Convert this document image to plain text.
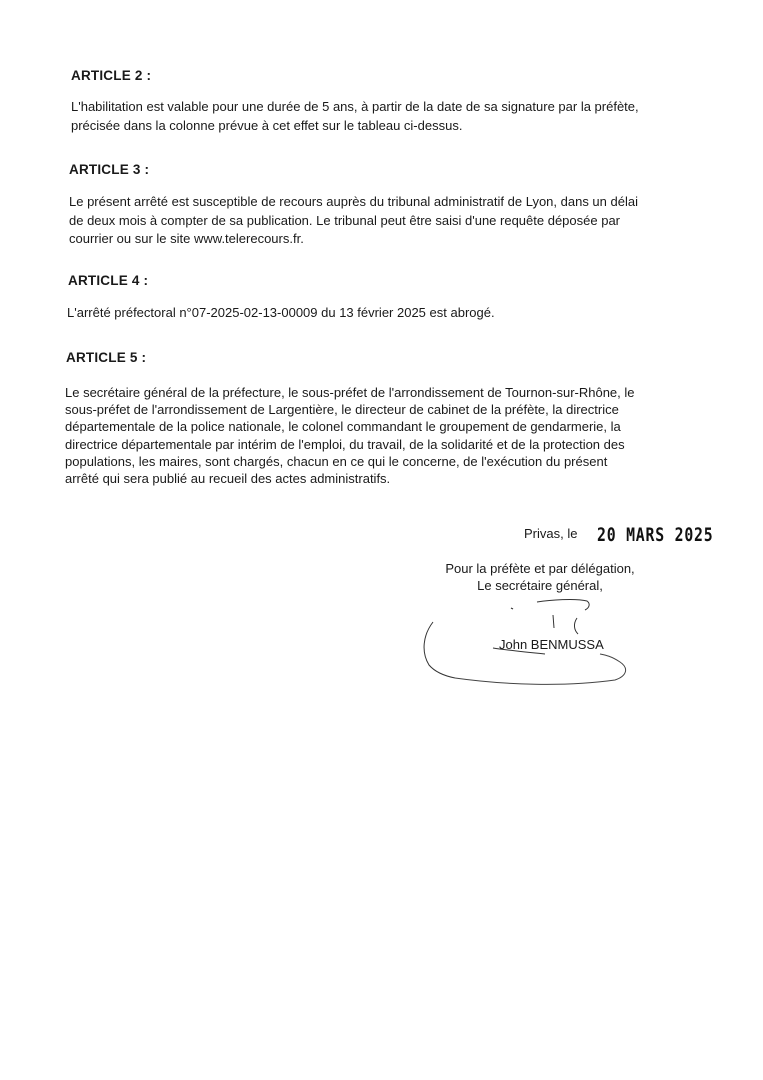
ARTICLE 2 :
L'habilitation est valable pour une durée de 5 ans, à partir de la date de sa signature par la préfète,
précisée dans la colonne prévue à cet effet sur le tableau ci-dessus.
ARTICLE 3 :
Le présent arrêté est susceptible de recours auprès du tribunal administratif de Lyon, dans un délai
de deux mois à compter de sa publication. Le tribunal peut être saisi d'une requête déposée par
courrier ou sur le site www.telerecours.fr.
ARTICLE 4 :
L'arrêté préfectoral n°07-2025-02-13-00009 du 13 février 2025 est abrogé.
ARTICLE 5 :
Le secrétaire général de la préfecture, le sous-préfet de l'arrondissement de Tournon-sur-Rhône, le
sous-préfet de l'arrondissement de Largentière, le directeur de cabinet de la préfète, la directrice
départementale de la police nationale, le colonel commandant le groupement de gendarmerie, la
directrice départementale par intérim de l'emploi, du travail, de la solidarité et de la protection des
populations, les maires, sont chargés, chacun en ce qui le concerne, de l'exécution du présent
arrêté qui sera publié au recueil des actes administratifs.
Privas, le 20 MARS 2025
Pour la préfète et par délégation,
Le secrétaire général,
John BENMUSSA
